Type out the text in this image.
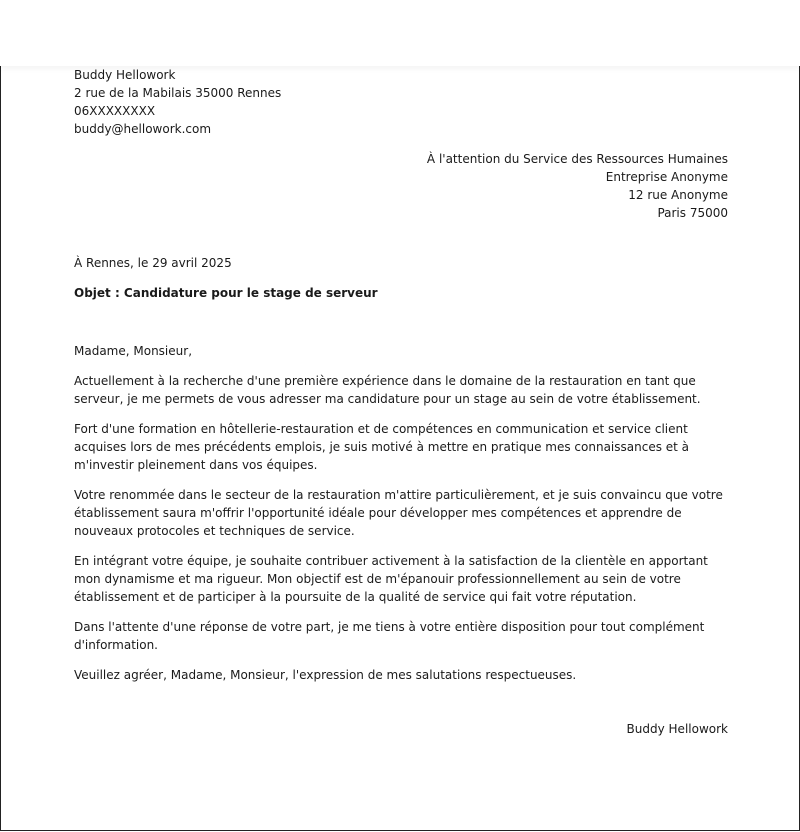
Buddy Hellowork
2 rue de la Mabilais 35000 Rennes
06XXXXXXXX
buddy@hellowork.com
À l'attention du Service des Ressources Humaines
Entreprise Anonyme
12 rue Anonyme
Paris 75000
À Rennes, le 29 avril 2025
Objet : Candidature pour le stage de serveur
Madame, Monsieur,
Actuellement à la recherche d'une première expérience dans le domaine de la restauration en tant que serveur, je me permets de vous adresser ma candidature pour un stage au sein de votre établissement.
Fort d'une formation en hôtellerie-restauration et de compétences en communication et service client acquises lors de mes précédents emplois, je suis motivé à mettre en pratique mes connaissances et à m'investir pleinement dans vos équipes.
Votre renommée dans le secteur de la restauration m'attire particulièrement, et je suis convaincu que votre établissement saura m'offrir l'opportunité idéale pour développer mes compétences et apprendre de nouveaux protocoles et techniques de service.
En intégrant votre équipe, je souhaite contribuer activement à la satisfaction de la clientèle en apportant mon dynamisme et ma rigueur. Mon objectif est de m'épanouir professionnellement au sein de votre établissement et de participer à la poursuite de la qualité de service qui fait votre réputation.
Dans l'attente d'une réponse de votre part, je me tiens à votre entière disposition pour tout complément d'information.
Veuillez agréer, Madame, Monsieur, l'expression de mes salutations respectueuses.
Buddy Hellowork
